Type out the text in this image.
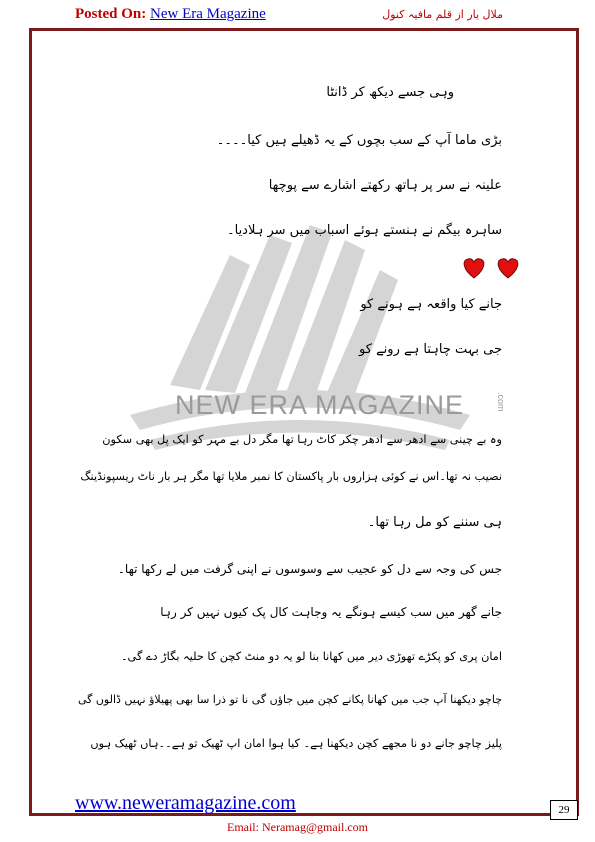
Posted On: New Era Magazine	ملال یار از قلم مافیہ کنول
NEW ERA MAGAZINE	.com
وہی جسے دیکھ کر ڈانٹا
بڑی ماما آپ کے سب بچوں کے یہ ڈھیلے ہیں کیا۔۔۔۔
علینہ نے سر پر ہاتھ رکھتے اشارے سے پوچھا
ساہرہ بیگم نے ہنستے ہوئے اسباب میں سر ہلادیا۔
جانے کیا واقعہ ہے ہونے کو
جی بہت چاہتا ہے رونے کو
وہ بے چینی سے ادھر سے ادھر چکر کاٹ رہا تھا مگر دل بے مہر کو ایک پل بھی سکون
نصیب نہ تھا۔اس نے کوئی ہزاروں بار پاکستان کا نمبر ملایا تھا مگر ہر بار ناٹ ریسپونڈینگ
ہی سننے کو مل رہا تھا۔
جس کی وجہ سے دل کو عجیب سے وسوسوں نے اپنی گرفت میں لے رکھا تھا۔
جانے گھر میں سب کیسے ہونگے یہ وجاہت کال پک کیوں نہیں کر رہا
امان پری کو پکڑے تھوڑی دیر میں کھانا بنا لو یہ دو منٹ کچن کا حلیہ بگاڑ دے گی۔
چاچو دیکھنا آپ جب میں کھانا پکانے کچن میں جاؤں گی نا تو ذرا سا بھی پھیلاؤ نہیں ڈالوں گی
پلیز چاچو جانے دو نا مجھے کچن دیکھنا ہے۔ کیا ہوا امان اپ ٹھیک تو ہے۔۔ہاں ٹھیک ہوں
www.neweramagazine.com	29
Email: Neramag@gmail.com
